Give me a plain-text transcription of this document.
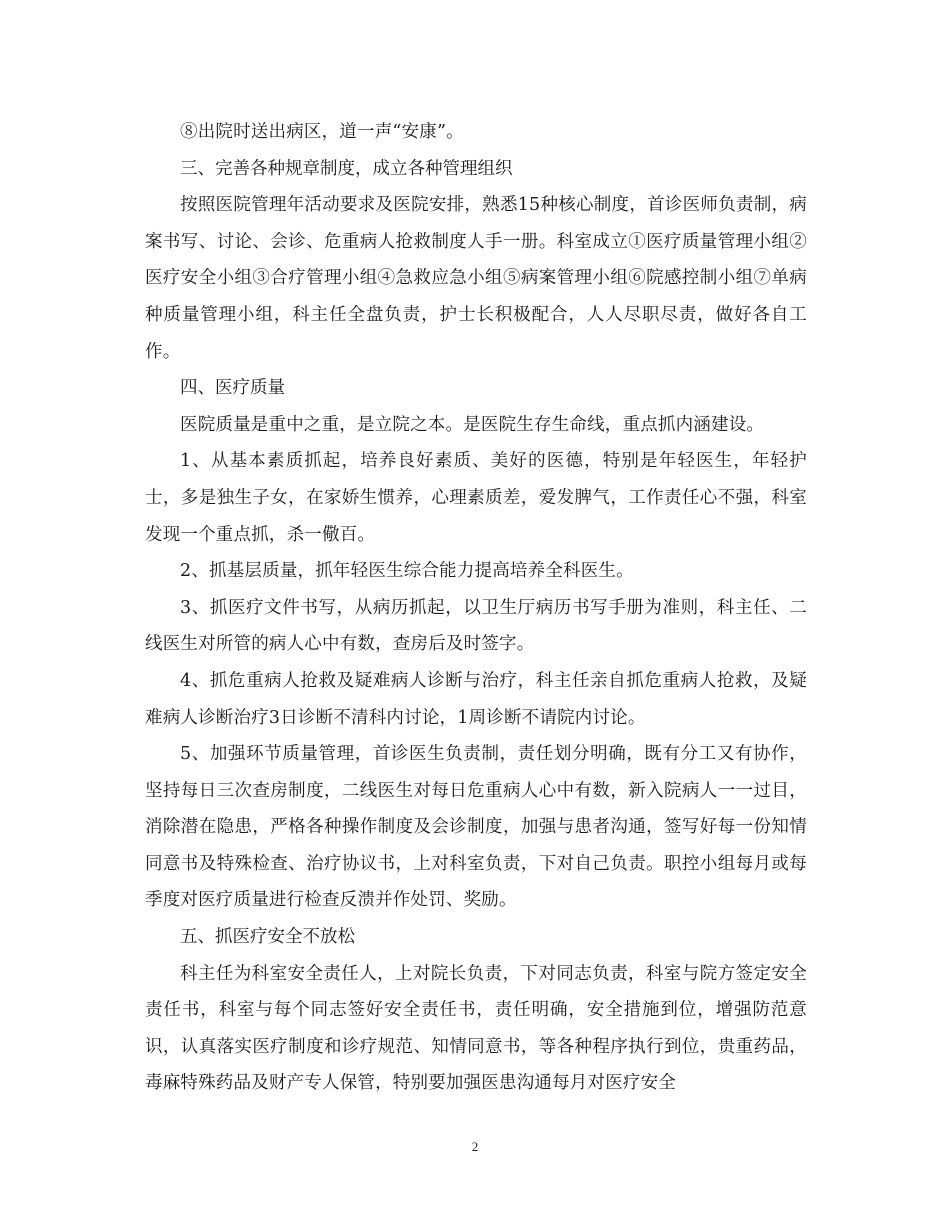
⑧出院时送出病区，道一声“安康”。

三、完善各种规章制度，成立各种管理组织

按照医院管理年活动要求及医院安排，熟悉15种核心制度，首诊医师负责制，病案书写、讨论、会诊、危重病人抢救制度人手一册。科室成立①医疗质量管理小组②医疗安全小组③合疗管理小组④急救应急小组⑤病案管理小组⑥院感控制小组⑦单病种质量管理小组，科主任全盘负责，护士长积极配合，人人尽职尽责，做好各自工作。

四、医疗质量

医院质量是重中之重，是立院之本。是医院生存生命线，重点抓内涵建设。

1、从基本素质抓起，培养良好素质、美好的医德，特别是年轻医生，年轻护士，多是独生子女，在家娇生惯养，心理素质差，爱发脾气，工作责任心不强，科室发现一个重点抓，杀一儆百。

2、抓基层质量，抓年轻医生综合能力提高培养全科医生。

3、抓医疗文件书写，从病历抓起，以卫生厅病历书写手册为准则，科主任、二线医生对所管的病人心中有数，查房后及时签字。

4、抓危重病人抢救及疑难病人诊断与治疗，科主任亲自抓危重病人抢救，及疑难病人诊断治疗3日诊断不清科内讨论，1周诊断不请院内讨论。

5、加强环节质量管理，首诊医生负责制，责任划分明确，既有分工又有协作，坚持每日三次查房制度，二线医生对每日危重病人心中有数，新入院病人一一过目，消除潜在隐患，严格各种操作制度及会诊制度，加强与患者沟通，签写好每一份知情同意书及特殊检查、治疗协议书，上对科室负责，下对自己负责。职控小组每月或每季度对医疗质量进行检查反溃并作处罚、奖励。

五、抓医疗安全不放松

科主任为科室安全责任人，上对院长负责，下对同志负责，科室与院方签定安全责任书，科室与每个同志签好安全责任书，责任明确，安全措施到位，增强防范意识，认真落实医疗制度和诊疗规范、知情同意书，等各种程序执行到位，贵重药品，毒麻特殊药品及财产专人保管，特别要加强医患沟通每月对医疗安全

2
